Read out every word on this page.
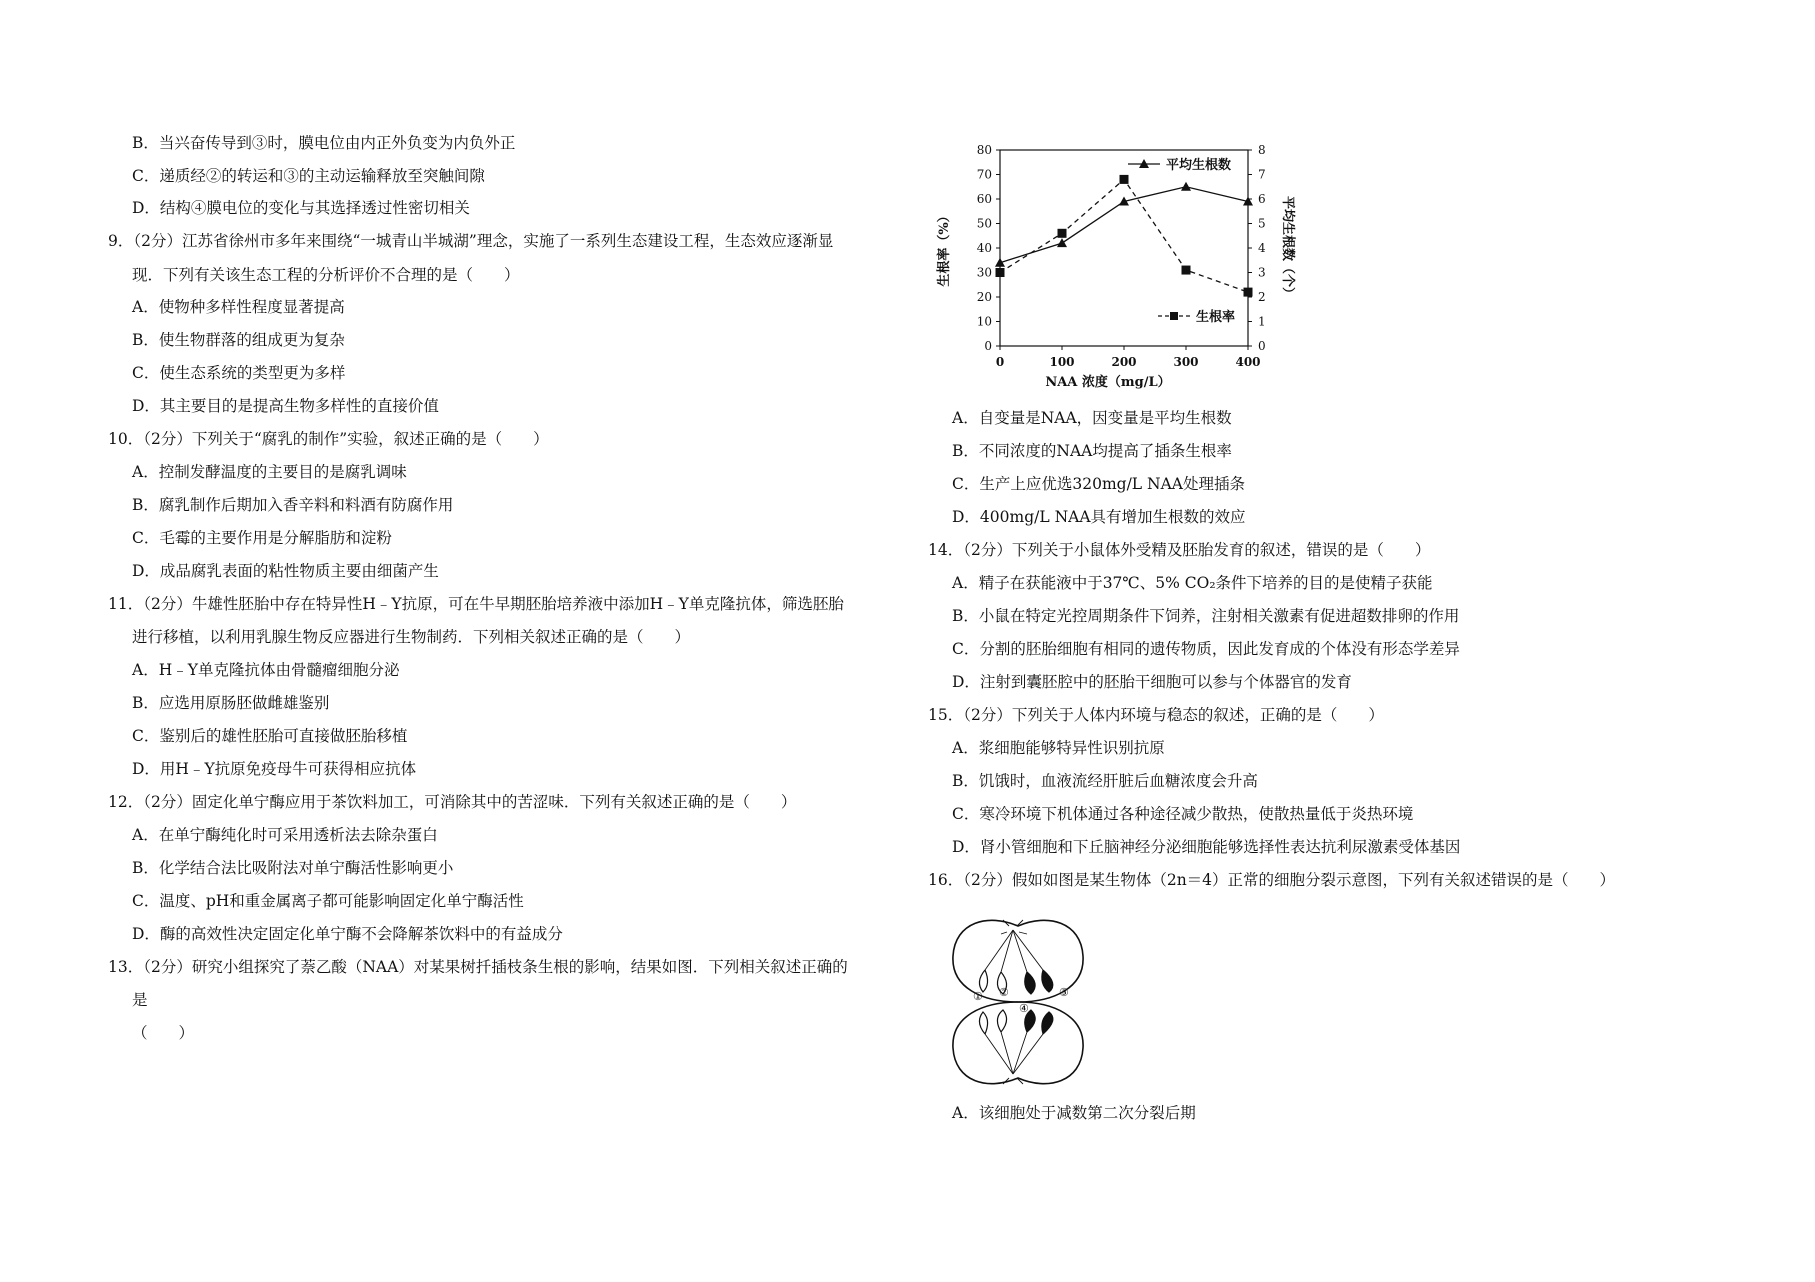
0
10
20
30
40
50
60
70
80
0
1
2
3
4
5
6
7
8
0	100	200	300	400
NAA 浓度（mg/L）
生根率（%）	平均生根数（个）
平均生根数
生根率
① ②	③
④
B．当兴奋传导到③时，膜电位由内正外负变为内负外正
C．递质经②的转运和③的主动运输释放至突触间隙
D．结构④膜电位的变化与其选择透过性密切相关
9．（2分）江苏省徐州市多年来围绕“一城青山半城湖”理念，实施了一系列生态建设工程，生态效应逐渐显
现．下列有关该生态工程的分析评价不合理的是（　　）
A．使物种多样性程度显著提高
B．使生物群落的组成更为复杂
C．使生态系统的类型更为多样
D．其主要目的是提高生物多样性的直接价值
10．（2分）下列关于“腐乳的制作”实验，叙述正确的是（　　）
A．控制发酵温度的主要目的是腐乳调味
B．腐乳制作后期加入香辛料和料酒有防腐作用
C．毛霉的主要作用是分解脂肪和淀粉
D．成品腐乳表面的粘性物质主要由细菌产生
11．（2分）牛雄性胚胎中存在特异性H﹣Y抗原，可在牛早期胚胎培养液中添加H﹣Y单克隆抗体，筛选胚胎
进行移植，以利用乳腺生物反应器进行生物制药．下列相关叙述正确的是（　　）
A．H﹣Y单克隆抗体由骨髓瘤细胞分泌
B．应选用原肠胚做雌雄鉴别
C．鉴别后的雄性胚胎可直接做胚胎移植
D．用H﹣Y抗原免疫母牛可获得相应抗体
12．（2分）固定化单宁酶应用于茶饮料加工，可消除其中的苦涩味．下列有关叙述正确的是（　　）
A．在单宁酶纯化时可采用透析法去除杂蛋白
B．化学结合法比吸附法对单宁酶活性影响更小
C．温度、pH和重金属离子都可能影响固定化单宁酶活性
D．酶的高效性决定固定化单宁酶不会降解茶饮料中的有益成分
13．（2分）研究小组探究了萘乙酸（NAA）对某果树扦插枝条生根的影响，结果如图．下列相关叙述正确的
是
（　　）
A．自变量是NAA，因变量是平均生根数
B．不同浓度的NAA均提高了插条生根率
C．生产上应优选320mg/L NAA处理插条
D．400mg/L NAA具有增加生根数的效应
14．（2分）下列关于小鼠体外受精及胚胎发育的叙述，错误的是（　　）
A．精子在获能液中于37℃、5% CO₂条件下培养的目的是使精子获能
B．小鼠在特定光控周期条件下饲养，注射相关激素有促进超数排卵的作用
C．分割的胚胎细胞有相同的遗传物质，因此发育成的个体没有形态学差异
D．注射到囊胚腔中的胚胎干细胞可以参与个体器官的发育
15．（2分）下列关于人体内环境与稳态的叙述，正确的是（　　）
A．浆细胞能够特异性识别抗原
B．饥饿时，血液流经肝脏后血糖浓度会升高
C．寒冷环境下机体通过各种途径减少散热，使散热量低于炎热环境
D．肾小管细胞和下丘脑神经分泌细胞能够选择性表达抗利尿激素受体基因
16．（2分）假如如图是某生物体（2n＝4）正常的细胞分裂示意图，下列有关叙述错误的是（　　）
A．该细胞处于减数第二次分裂后期
